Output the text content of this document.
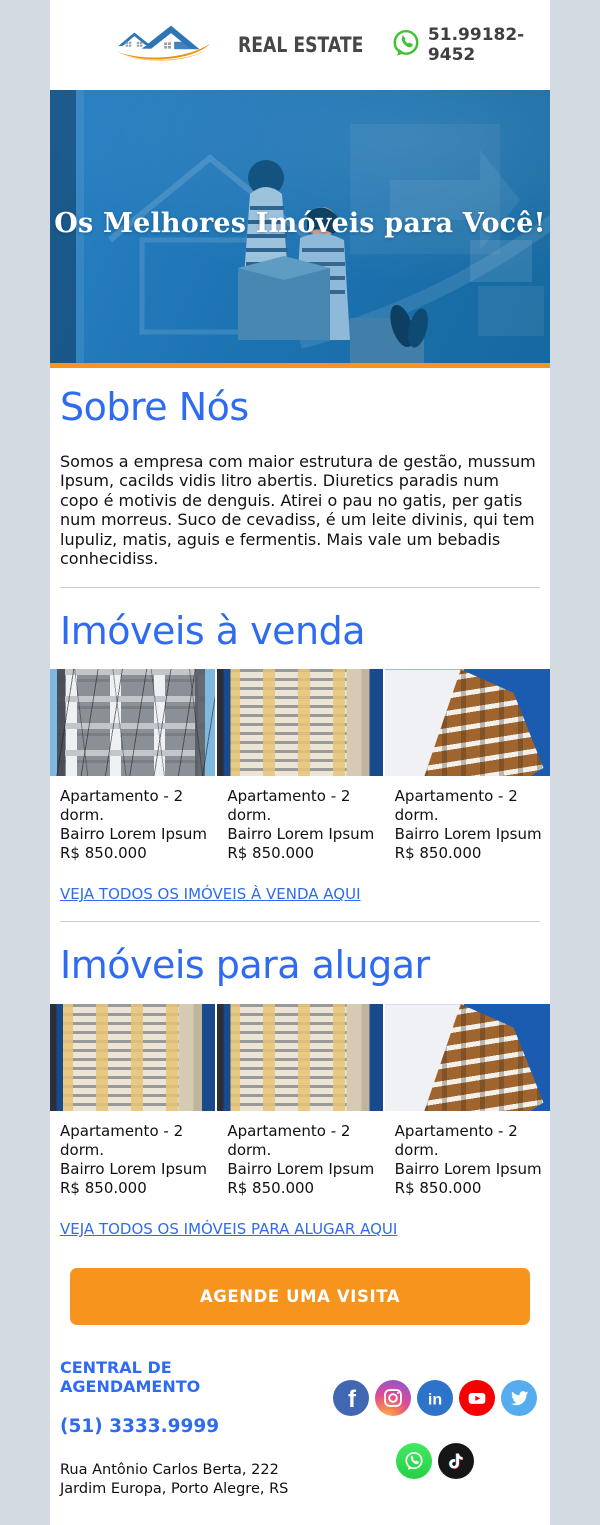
REAL ESTATE	51.99182-9452
Os Melhores Imóveis para Você!
Sobre Nós

Somos a empresa com maior estrutura de gestão, mussum Ipsum, cacilds vidis litro abertis. Diuretics paradis num copo é motivis de denguis. Atirei o pau no gatis, per gatis num morreus. Suco de cevadiss, é um leite divinis, qui tem lupuliz, matis, aguis e fermentis. Mais vale um bebadis conhecidiss.

Imóveis à venda
Apartamento - 2 dorm.
Bairro Lorem Ipsum
R$ 850.000
Apartamento - 2 dorm.
Bairro Lorem Ipsum
R$ 850.000
Apartamento - 2 dorm.
Bairro Lorem Ipsum
R$ 850.000
VEJA TODOS OS IMÓVEIS À VENDA AQUI
Imóveis para alugar
Apartamento - 2 dorm.
Bairro Lorem Ipsum
R$ 850.000
Apartamento - 2 dorm.
Bairro Lorem Ipsum
R$ 850.000
Apartamento - 2 dorm.
Bairro Lorem Ipsum
R$ 850.000
VEJA TODOS OS IMÓVEIS PARA ALUGAR AQUI
AGENDE UMA VISITA
CENTRAL DE AGENDAMENTO
(51) 3333.9999
Rua Antônio Carlos Berta, 222
Jardim Europa, Porto Alegre, RS
f	in
